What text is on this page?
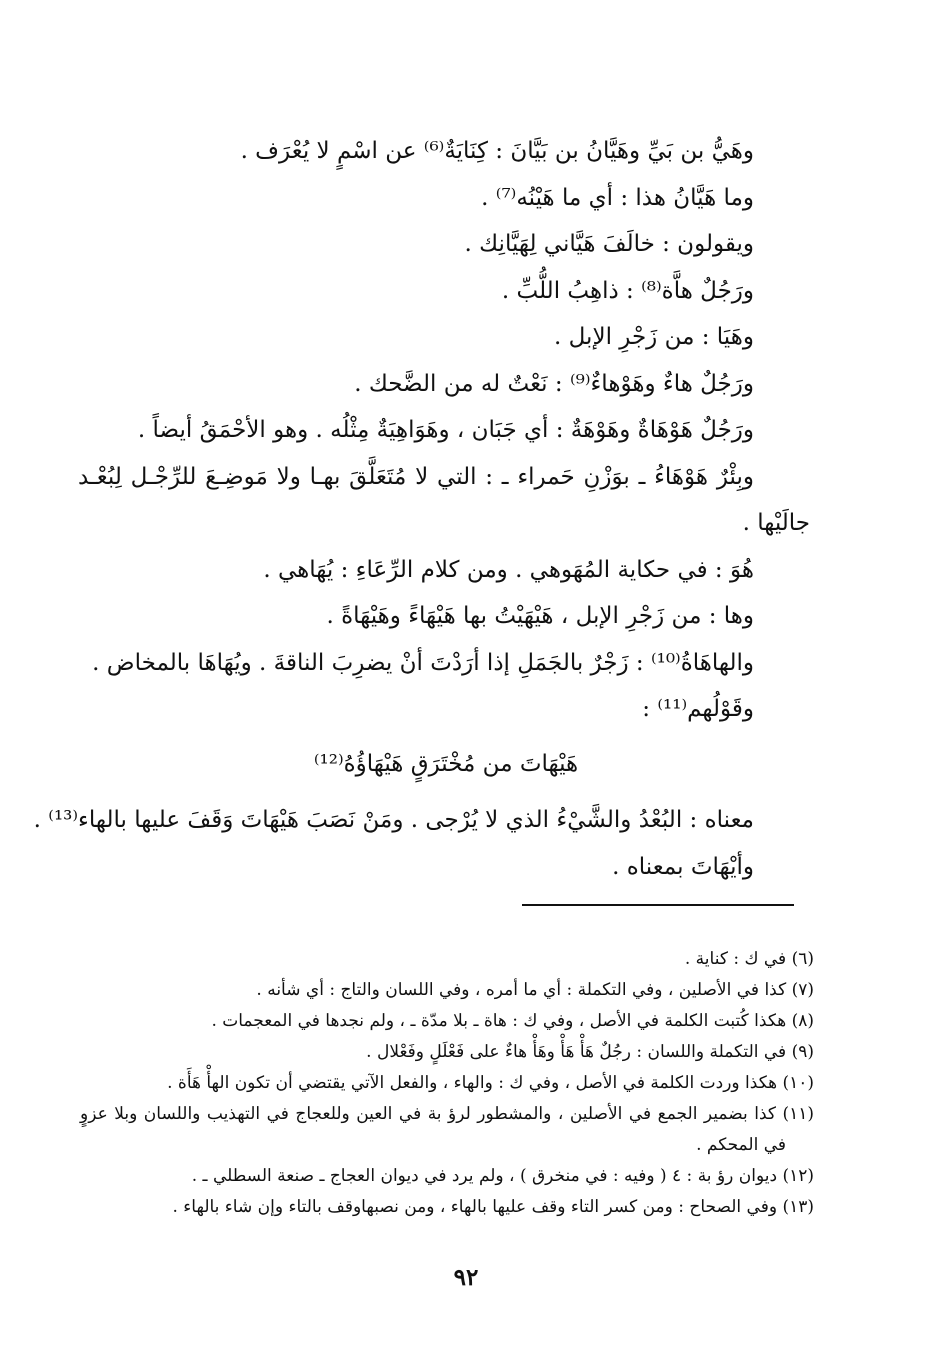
وهَيُّ بن بَيِّ وهَيَّانُ بن بَيَّانَ : كِنَايَةٌ⁽⁶⁾ عن اسْمٍ لا يُعْرَف .
وما هَيَّانُ هذا : أي ما هَيْنُه⁽⁷⁾ .
ويقولون : خالَفَ هَيَّاني لِهَيَّانِك .
ورَجُلٌ هاَّة⁽⁸⁾ : ذاهِبُ اللُّبِّ .
وهَيَا : من زَجْرِ الإبل .
ورَجُلٌ هاءٌ وهَوْهاءٌ⁽⁹⁾ : نَعْتٌ له من الضَّحك .
ورَجُلٌ هَوْهَاةٌ وهَوْهَةٌ : أي جَبَان ، وهَوَاهِيَةٌ مِثْلُه . وهو الأحْمَقُ أيضاً .
وبِئْرٌ هَوْهَاءُ ـ بوَزْنِ حَمراء ـ : التي لا مُتَعَلَّقَ بهـا ولا مَوضِـعَ للرِّجْـل لِبُعْـد
جالَيْها .
هُوَ : في حكاية المُهَوهي . ومن كلام الرِّعَاءِ : يُهَاهي .
وها : من زَجْرِ الإبل ، هَيْهَيْتُ بها هَيْهَاءً وهَيْهَاةً .
والهاهَاةُ⁽¹⁰⁾ : زَجْرٌ بالجَمَلِ إذا أرَدْتَ أنْ يضرِبَ الناقةَ . ويُهَاهَا بالمخاض .
وقَوْلُهم⁽¹¹⁾ :
هَيْهَاتَ من مُخْتَرَقٍ هَيْهَاؤُهُ⁽¹²⁾
معناه : البُعْدُ والشَّيْءُ الذي لا يُرْجى . ومَنْ نَصَبَ هَيْهَاتَ وَقَفَ عليها بالهاء⁽¹³⁾ .
وأيْهَاتَ بمعناه .
(٦) في ك : كناية .
(٧) كذا في الأصلين ، وفي التكملة : أي ما أمره ، وفي اللسان والتاج : أي شأنه .
(٨) هكذا كُتبت الكلمة في الأصل ، وفي ك : هاة ـ بلا مدّة ـ ، ولم نجدها في المعجمات .
(٩) في التكملة واللسان : رجُلٌ هَأْ هَأْ وهَأْ هاءٌ على فَعْلَلٍ وفَعْلال .
(١٠) هكذا وردت الكلمة في الأصل ، وفي ك : والهاء ، والفعل الآتي يقتضي أن تكون الهأْ هَأَة .
(١١) كذا بضمير الجمع في الأصلين ، والمشطور لرؤ بة في العين وللعجاج في التهذيب واللسان وبلا عزوٍ
في المحكم .
(١٢) ديوان رؤ بة : ٤ ( وفيه : في منخرق ) ، ولم يرد في ديوان العجاج ـ صنعة السطلي ـ .
(١٣) وفي الصحاح : ومن كسر التاء وقف عليها بالهاء ، ومن نصبهاوقف بالتاء وإن شاء بالهاء .
٩٢
